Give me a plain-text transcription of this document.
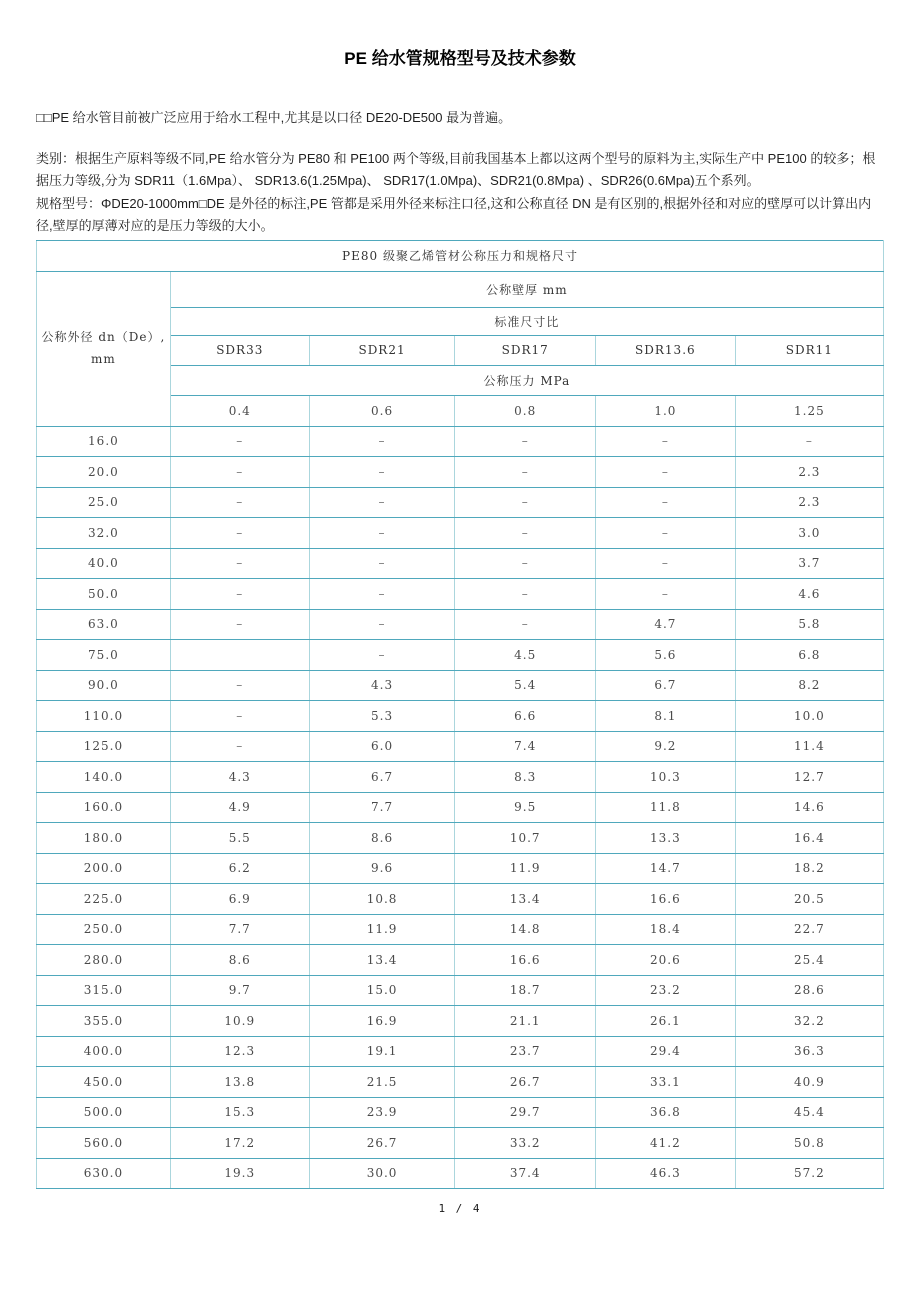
PE 给水管规格型号及技术参数

□□PE 给水管目前被广泛应用于给水工程中,尤其是以口径 DE20-DE500 最为普遍。

类别：根据生产原料等级不同,PE 给水管分为 PE80 和 PE100 两个等级,目前我国基本上都以这两个型号的原料为主,实际生产中 PE100 的较多；根据压力等级,分为 SDR11（1.6Mpa）、 SDR13.6(1.25Mpa)、 SDR17(1.0Mpa)、SDR21(0.8Mpa) 、SDR26(0.6Mpa)五个系列。
规格型号：ΦDE20-1000mm□DE 是外径的标注,PE 管都是采用外径来标注口径,这和公称直径 DN 是有区别的,根据外径和对应的壁厚可以计算出内径,壁厚的厚薄对应的是压力等级的大小。
PE80 级聚乙烯管材公称压力和规格尺寸					
公称外径 dn（De）,
mm	公称壁厚 mm				
	标准尺寸比				
	SDR33	SDR21	SDR17	SDR13.6	SDR11
	公称压力 MPa				
	0.4	0.6	0.8	1.0	1.25
16.0	–	–	–	–	–
20.0	–	–	–	–	2.3
25.0	–	–	–	–	2.3
32.0	–	–	–	–	3.0
40.0	–	–	–	–	3.7
50.0	–	–	–	–	4.6
63.0	–	–	–	4.7	5.8
75.0		–	4.5	5.6	6.8
90.0	–	4.3	5.4	6.7	8.2
110.0	–	5.3	6.6	8.1	10.0
125.0	–	6.0	7.4	9.2	11.4
140.0	4.3	6.7	8.3	10.3	12.7
160.0	4.9	7.7	9.5	11.8	14.6
180.0	5.5	8.6	10.7	13.3	16.4
200.0	6.2	9.6	11.9	14.7	18.2
225.0	6.9	10.8	13.4	16.6	20.5
250.0	7.7	11.9	14.8	18.4	22.7
280.0	8.6	13.4	16.6	20.6	25.4
315.0	9.7	15.0	18.7	23.2	28.6
355.0	10.9	16.9	21.1	26.1	32.2
400.0	12.3	19.1	23.7	29.4	36.3
450.0	13.8	21.5	26.7	33.1	40.9
500.0	15.3	23.9	29.7	36.8	45.4
560.0	17.2	26.7	33.2	41.2	50.8
630.0	19.3	30.0	37.4	46.3	57.2
1 / 4
